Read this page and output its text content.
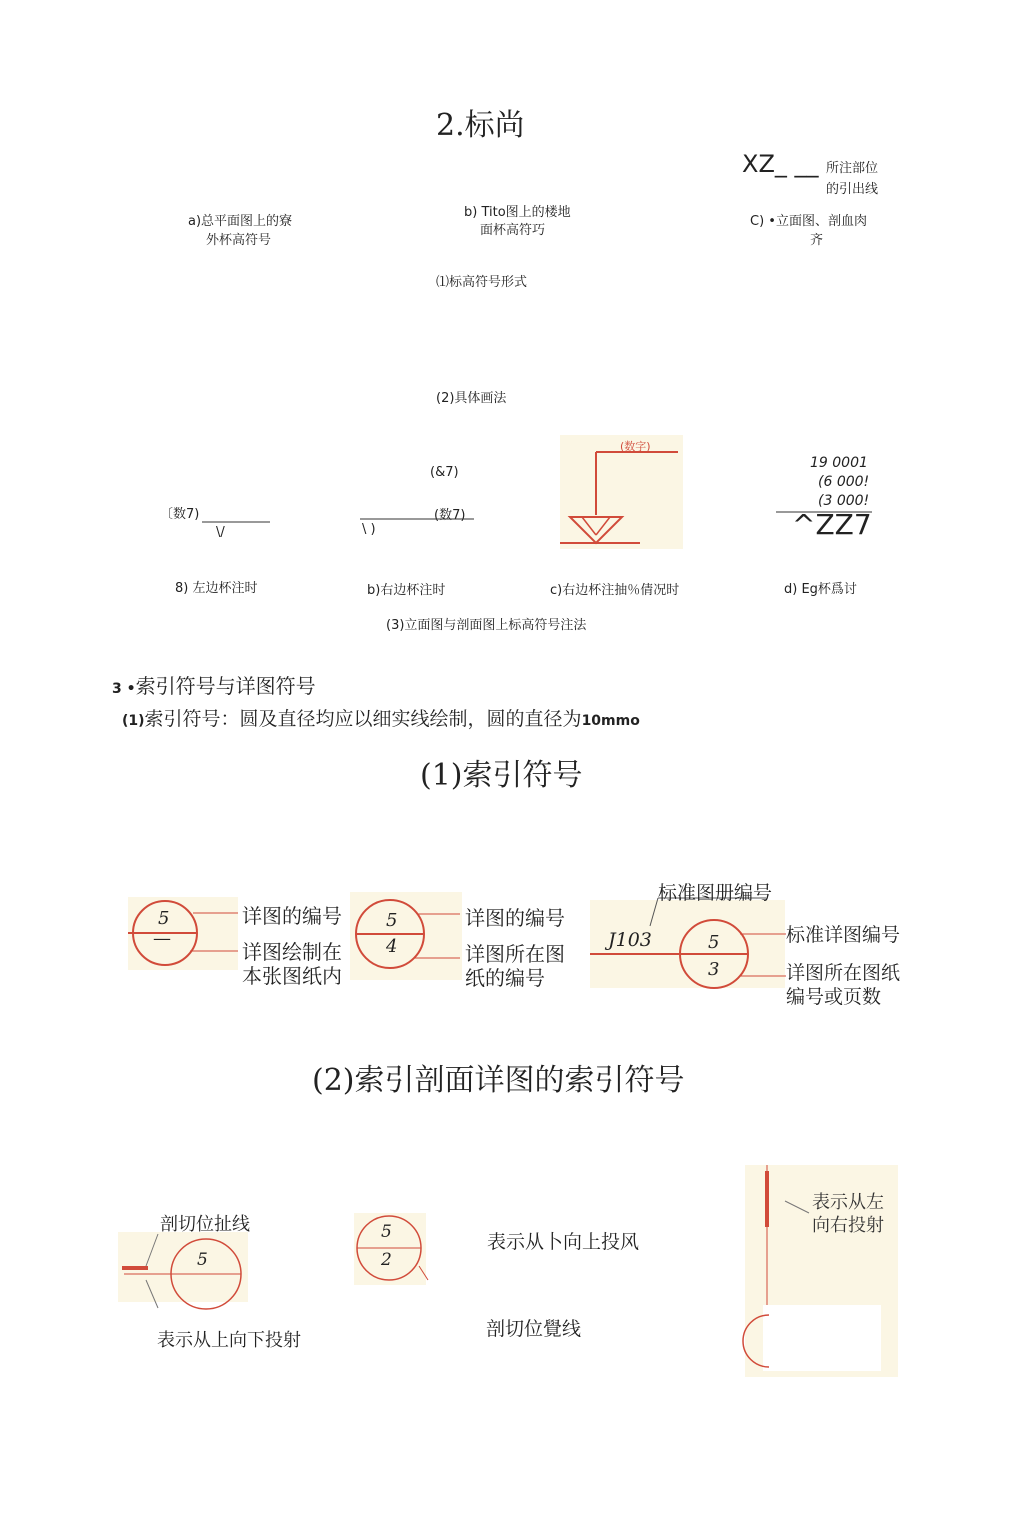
2.标尚
XZ_ __ 所注部位
的引出线
a)总平面图上的寮
外杯高符号
b) Tito图上的楼地
面杯高符巧
C) •立面图、剖血肉
齐
⑴标高符号形式
(2)具体画法
〔数7)
\/
(&7)
(数7)
\ )
(数字)
19 0001
(6 000!
(3 000!
^ZZ7
8) 左边杯注时	b)右边杯注时	c)右边杯注抽％倩况时	d) Eg杯爲讨
(3)立面图与剖面图上标高符号注法
3 •索引符号与详图符号
(1)索引符号：圆及直径均应以细实线绘制，圆的直径为10mmo
(1)索引符号
5
—
详图的编号
详图绘制在
本张图纸内
5
4
详图的编号
详图所在图
纸的编号
标准图册编号
J103	5
3
标准详图编号
详图所在图纸
编号或页数
(2)索引剖面详图的索引符号
剖切位扯线
5
表示从上向下投射
5
2
表示从卜向上投风
剖切位覺线
表示从左
向右投射
